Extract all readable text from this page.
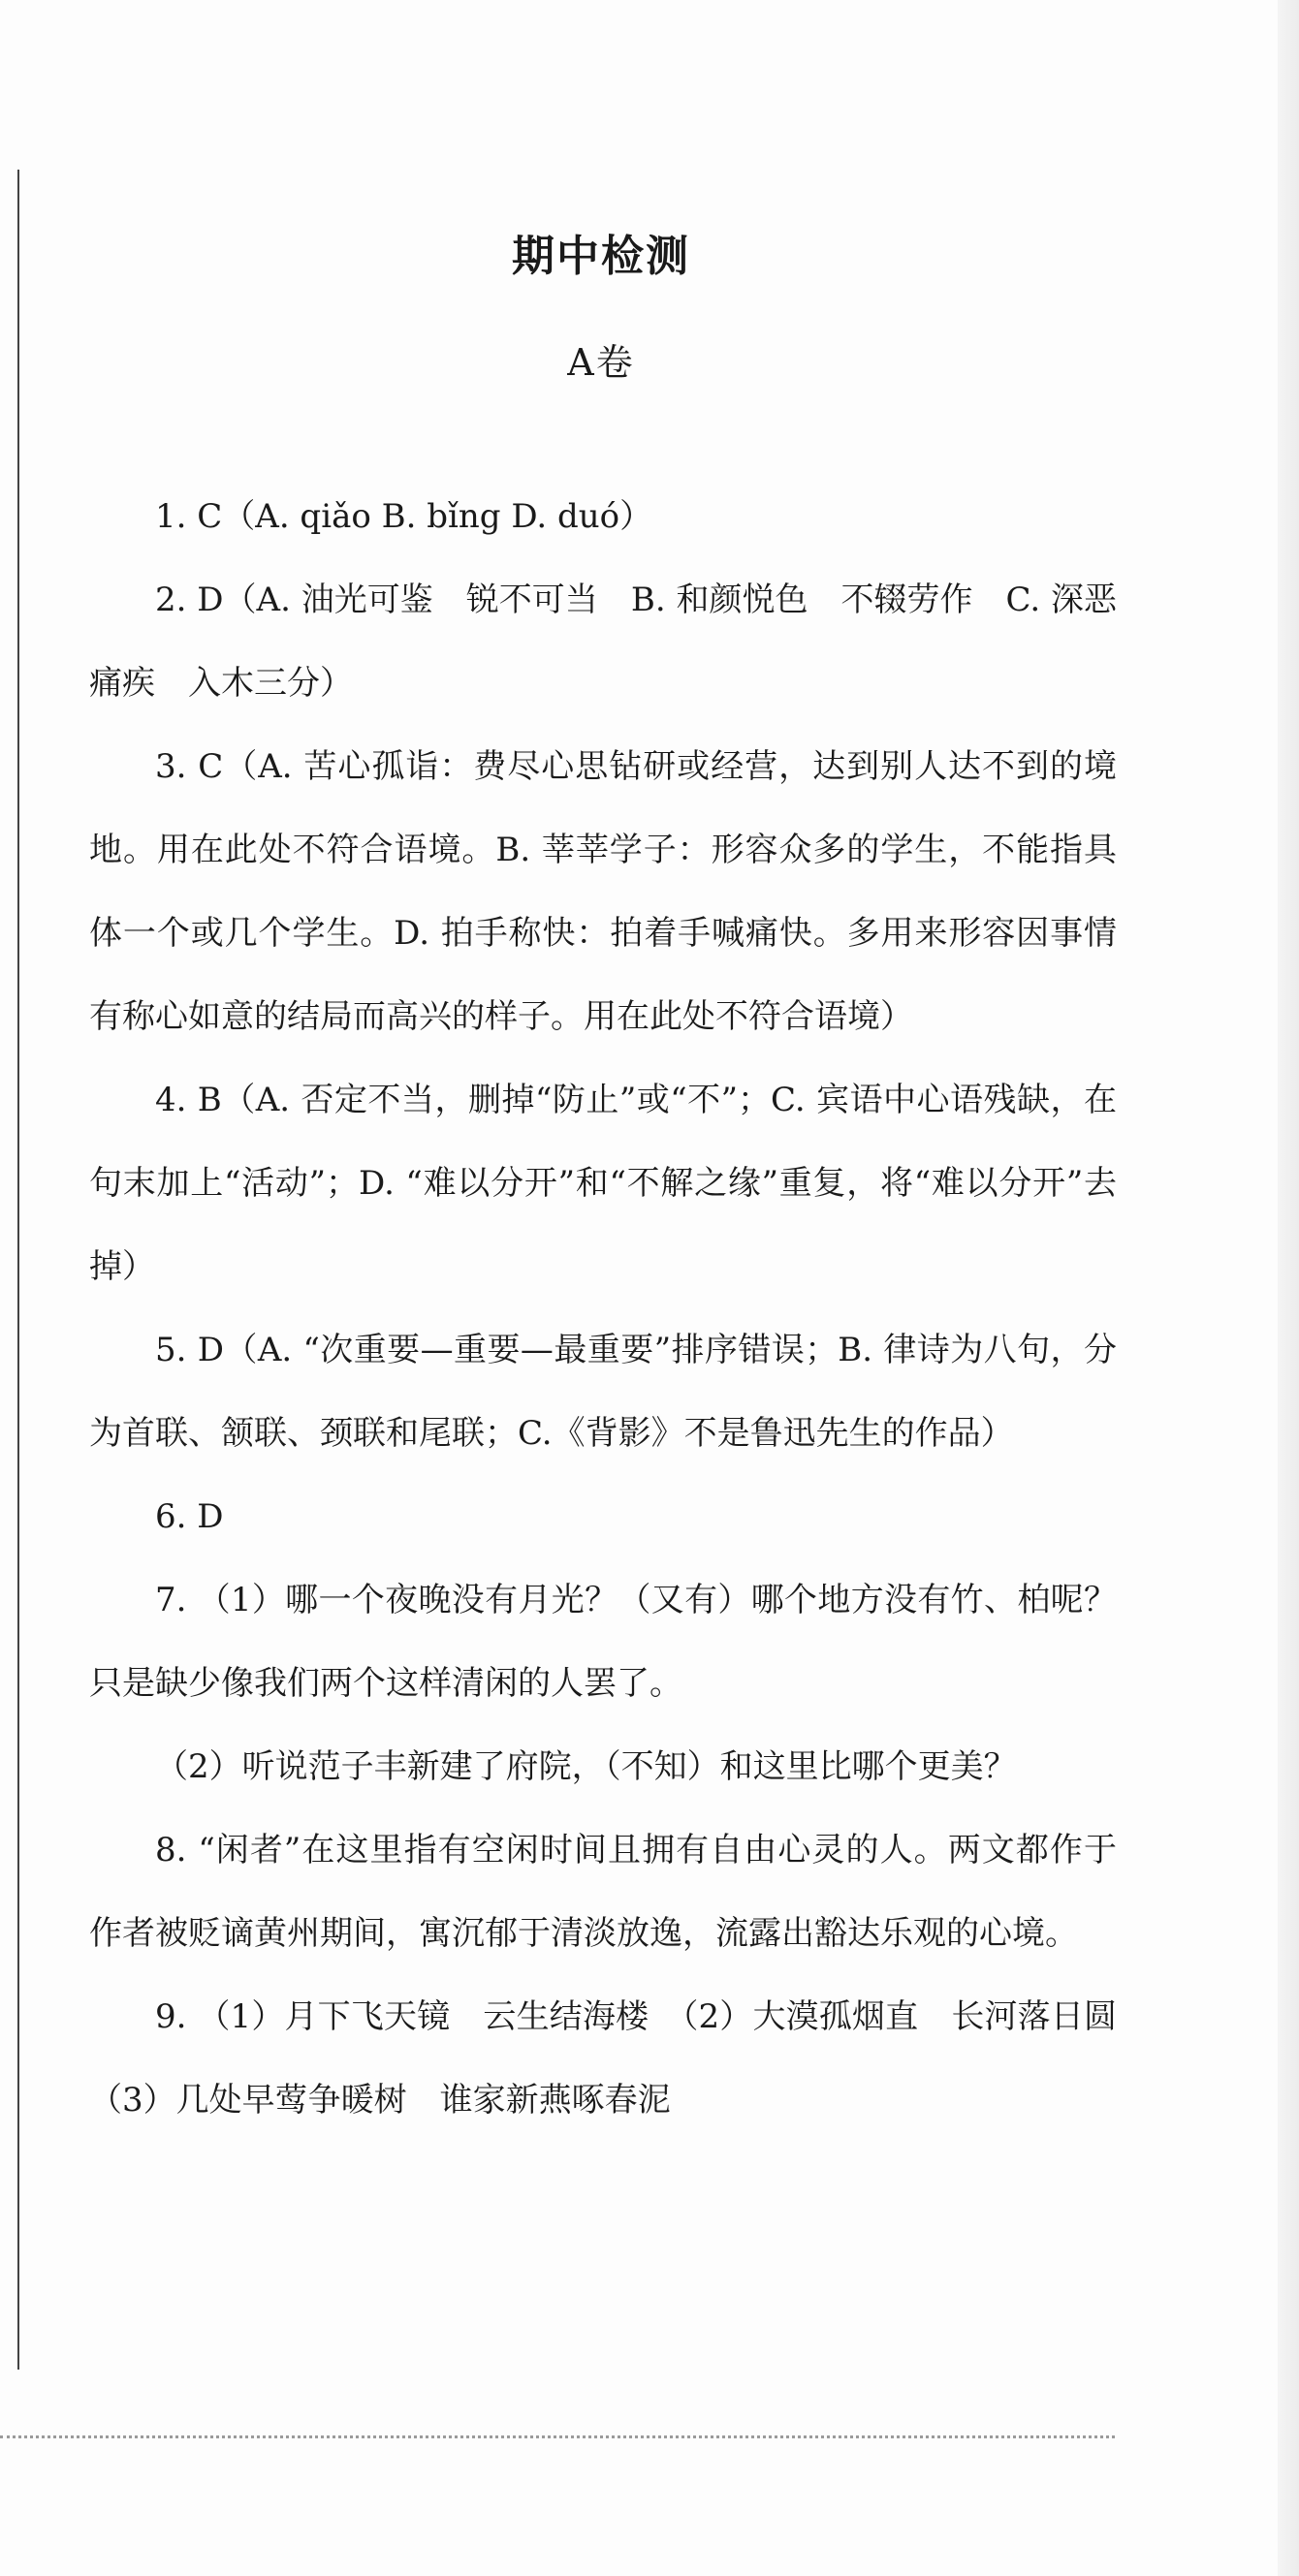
期中检测
A卷

1. C（A. qiǎo B. bǐng D. duó）

2. D（A. 油光可鉴　锐不可当　B. 和颜悦色　不辍劳作　C. 深恶痛疾　入木三分）

3. C（A. 苦心孤诣：费尽心思钻研或经营，达到别人达不到的境地。用在此处不符合语境。B. 莘莘学子：形容众多的学生，不能指具体一个或几个学生。D. 拍手称快：拍着手喊痛快。多用来形容因事情有称心如意的结局而高兴的样子。用在此处不符合语境）

4. B（A. 否定不当，删掉“防止”或“不”；C. 宾语中心语残缺，在句末加上“活动”；D. “难以分开”和“不解之缘”重复，将“难以分开”去掉）

5. D（A. “次重要—重要—最重要”排序错误；B. 律诗为八句，分为首联、颔联、颈联和尾联；C.《背影》不是鲁迅先生的作品）

6. D

7. （1）哪一个夜晚没有月光？（又有）哪个地方没有竹、柏呢？只是缺少像我们两个这样清闲的人罢了。

（2）听说范子丰新建了府院，（不知）和这里比哪个更美？

8. “闲者”在这里指有空闲时间且拥有自由心灵的人。两文都作于作者被贬谪黄州期间，寓沉郁于清淡放逸，流露出豁达乐观的心境。

9. （1）月下飞天镜　云生结海楼　（2）大漠孤烟直　长河落日圆　（3）几处早莺争暖树　谁家新燕啄春泥
